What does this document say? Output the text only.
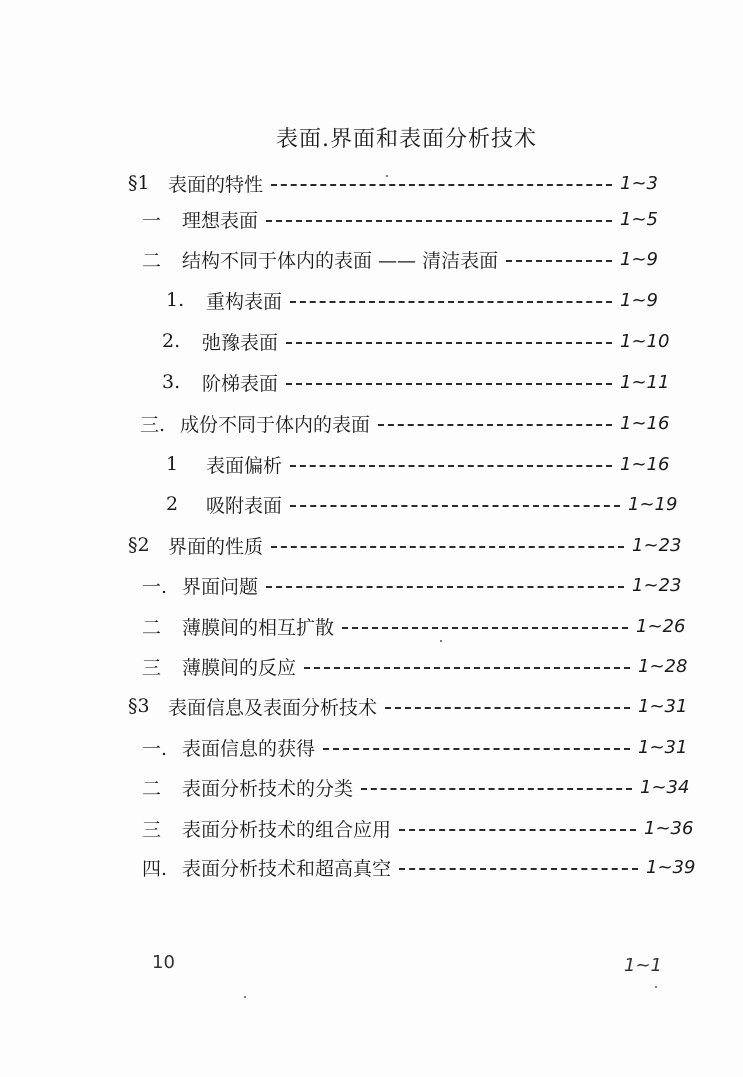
表面.界面和表面分析技术
§1 表面的特性	1~3
一	理想表面	1~5
二	结构不同于体内的表面 —— 清洁表面	1~9
1.	重构表面	1~9
2.	弛豫表面	1~10
3.	阶梯表面	1~11
三. 成份不同于体内的表面	1~16
1	表面偏析	1~16
2	吸附表面	1~19
§2 界面的性质	1~23
一. 界面问题	1~23
二	薄膜间的相互扩散	1~26
三	薄膜间的反应	1~28
§3 表面信息及表面分析技术	1~31
一. 表面信息的获得	1~31
二	表面分析技术的分类	1~34
三	表面分析技术的组合应用	1~36
四. 表面分析技术和超高真空	1~39
10	1~1
